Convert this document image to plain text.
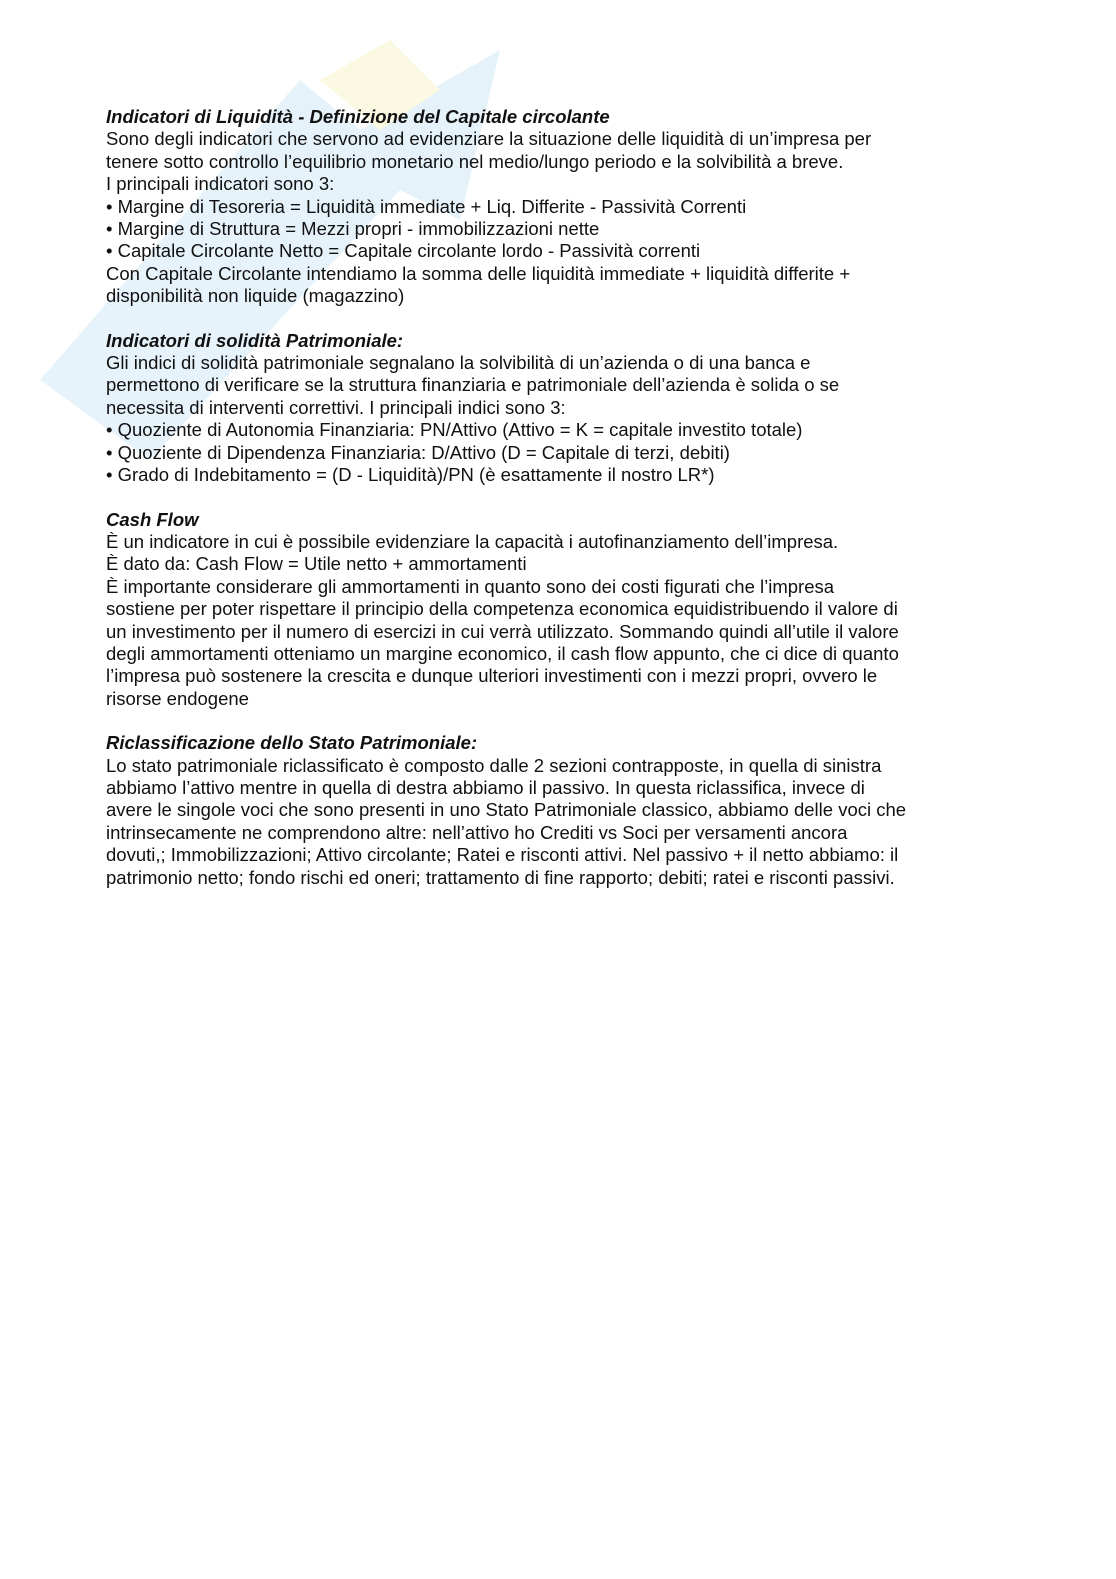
Indicatori di Liquidità - Definizione del Capitale circolante

Sono degli indicatori che servono ad evidenziare la situazione delle liquidità di un’impresa per

tenere sotto controllo l’equilibrio monetario nel medio/lungo periodo e la solvibilità a breve.

I principali indicatori sono 3:

• Margine di Tesoreria = Liquidità immediate + Liq. Differite - Passività Correnti

• Margine di Struttura = Mezzi propri - immobilizzazioni nette

• Capitale Circolante Netto = Capitale circolante lordo - Passività correnti

Con Capitale Circolante intendiamo la somma delle liquidità immediate + liquidità differite +

disponibilità non liquide (magazzino)

Indicatori di solidità Patrimoniale:

Gli indici di solidità patrimoniale segnalano la solvibilità di un’azienda o di una banca e

permettono di verificare se la struttura finanziaria e patrimoniale dell’azienda è solida o se

necessita di interventi correttivi. I principali indici sono 3:

• Quoziente di Autonomia Finanziaria: PN/Attivo (Attivo = K = capitale investito totale)

• Quoziente di Dipendenza Finanziaria: D/Attivo (D = Capitale di terzi, debiti)

• Grado di Indebitamento = (D - Liquidità)/PN (è esattamente il nostro LR*)

Cash Flow

È un indicatore in cui è possibile evidenziare la capacità i autofinanziamento dell’impresa.

È dato da: Cash Flow = Utile netto + ammortamenti

È importante considerare gli ammortamenti in quanto sono dei costi figurati che l’impresa

sostiene per poter rispettare il principio della competenza economica equidistribuendo il valore di

un investimento per il numero di esercizi in cui verrà utilizzato. Sommando quindi all’utile il valore

degli ammortamenti otteniamo un margine economico, il cash flow appunto, che ci dice di quanto

l’impresa può sostenere la crescita e dunque ulteriori investimenti con i mezzi propri, ovvero le

risorse endogene

Riclassificazione dello Stato Patrimoniale:

Lo stato patrimoniale riclassificato è composto dalle 2 sezioni contrapposte, in quella di sinistra

abbiamo l’attivo mentre in quella di destra abbiamo il passivo. In questa riclassifica, invece di

avere le singole voci che sono presenti in uno Stato Patrimoniale classico, abbiamo delle voci che

intrinsecamente ne comprendono altre: nell’attivo ho Crediti vs Soci per versamenti ancora

dovuti,; Immobilizzazioni; Attivo circolante; Ratei e risconti attivi. Nel passivo + il netto abbiamo: il

patrimonio netto; fondo rischi ed oneri; trattamento di fine rapporto; debiti; ratei e risconti passivi.
